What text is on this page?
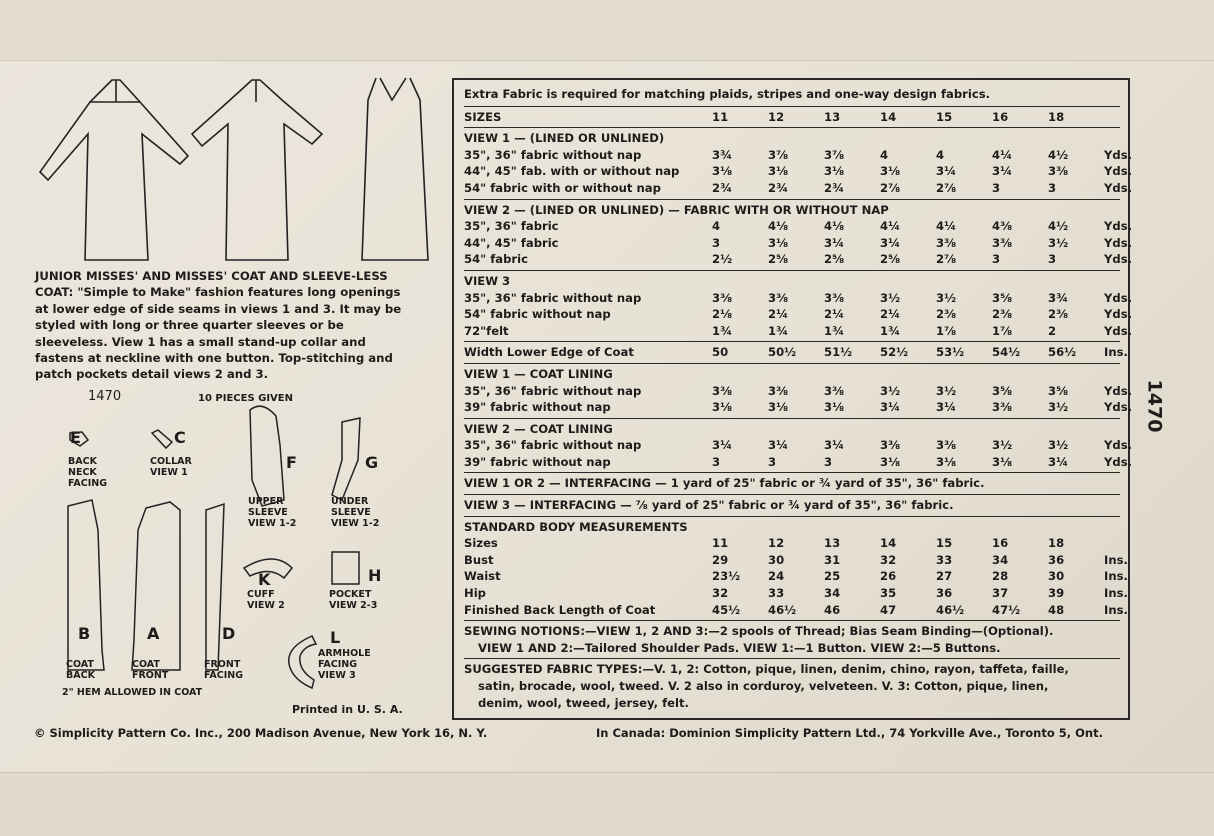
JUNIOR MISSES' AND MISSES' COAT AND SLEEVE-LESS COAT: "Simple to Make" fashion features long openings at lower edge of side seams in views 1 and 3. It may be styled with long or three quarter sleeves or be sleeveless. View 1 has a small stand-up collar and fastens at neckline with one button. Top-stitching and patch pockets detail views 2 and 3.
1470	10 PIECES GIVEN
E
BACK NECK FACING
C
COLLAR VIEW 1
F
UPPER SLEEVE VIEW 1-2
G
UNDER SLEEVE VIEW 1-2
K
CUFF VIEW 2
H
POCKET VIEW 2-3
B
COAT BACK
A
COAT FRONT
D
FRONT FACING
L
ARMHOLE FACING VIEW 3
2" HEM ALLOWED IN COAT
Printed in U. S. A.
Extra Fabric is required for matching plaids, stripes and one-way design fabrics.
SIZES	11	12	13	14	15	16	18
VIEW 1 — (LINED OR UNLINED)
35", 36" fabric without nap	3¾	3⅞	3⅞	4	4	4¼	4½	Yds.
44", 45" fab. with or without nap	3⅛	3⅛	3⅛	3⅛	3¼	3¼	3⅜	Yds.
54" fabric with or without nap	2¾	2¾	2¾	2⅞	2⅞	3	3	Yds.
VIEW 2 — (LINED OR UNLINED) — FABRIC WITH OR WITHOUT NAP
35", 36" fabric	4	4⅛	4⅛	4¼	4¼	4⅜	4½	Yds.
44", 45" fabric	3	3⅛	3¼	3¼	3⅜	3⅜	3½	Yds.
54" fabric	2½	2⅝	2⅝	2⅝	2⅞	3	3	Yds.
VIEW 3
35", 36" fabric without nap	3⅜	3⅜	3⅜	3½	3½	3⅝	3¾	Yds.
54" fabric without nap	2⅛	2¼	2¼	2¼	2⅜	2⅜	2⅜	Yds.
72"felt	1¾	1¾	1¾	1¾	1⅞	1⅞	2	Yds.
Width Lower Edge of Coat	50	50½	51½	52½	53½	54½	56½	Ins.
VIEW 1 — COAT LINING
35", 36" fabric without nap	3⅜	3⅜	3⅜	3½	3½	3⅝	3⅝	Yds.
39" fabric without nap	3⅛	3⅛	3⅛	3¼	3¼	3⅜	3½	Yds.
VIEW 2 — COAT LINING
35", 36" fabric without nap	3¼	3¼	3¼	3⅜	3⅜	3½	3½	Yds.
39" fabric without nap	3	3	3	3⅛	3⅛	3⅛	3¼	Yds.
VIEW 1 OR 2 — INTERFACING — 1 yard of 25" fabric or ¾ yard of 35", 36" fabric.
VIEW 3 — INTERFACING — ⅞ yard of 25" fabric or ¾ yard of 35", 36" fabric.
STANDARD BODY MEASUREMENTS
Sizes	11	12	13	14	15	16	18
Bust	29	30	31	32	33	34	36	Ins.
Waist	23½	24	25	26	27	28	30	Ins.
Hip	32	33	34	35	36	37	39	Ins.
Finished Back Length of Coat	45½	46½	46	47	46½	47½	48	Ins.
SEWING NOTIONS:—VIEW 1, 2 AND 3:—2 spools of Thread; Bias Seam Binding—(Optional).
VIEW 1 AND 2:—Tailored Shoulder Pads. VIEW 1:—1 Button. VIEW 2:—5 Buttons.
SUGGESTED FABRIC TYPES:—V. 1, 2: Cotton, pique, linen, denim, chino, rayon, taffeta, faille,
satin, brocade, wool, tweed. V. 2 also in corduroy, velveteen. V. 3: Cotton, pique, linen,
denim, wool, tweed, jersey, felt.
1470
© Simplicity Pattern Co. Inc., 200 Madison Avenue, New York 16, N. Y.	In Canada: Dominion Simplicity Pattern Ltd., 74 Yorkville Ave., Toronto 5, Ont.
